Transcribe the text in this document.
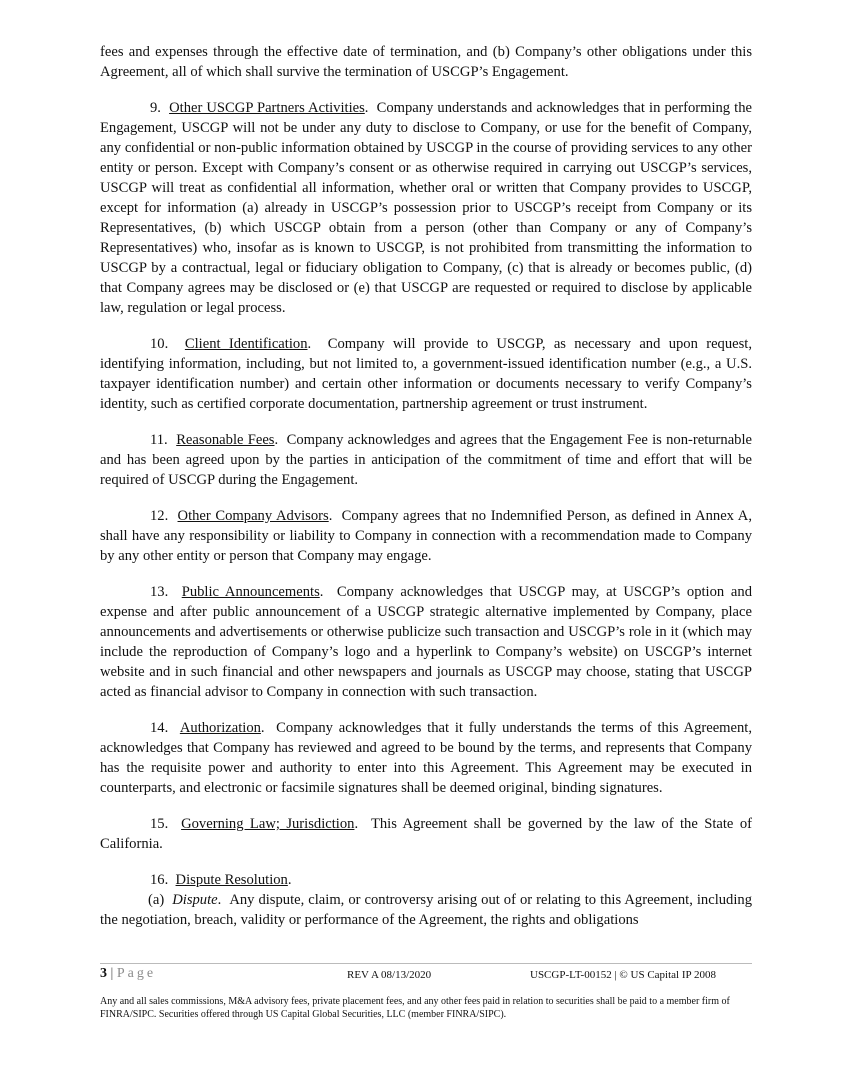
fees and expenses through the effective date of termination, and (b) Company’s other obligations under this Agreement, all of which shall survive the termination of USCGP’s Engagement.

9. Other USCGP Partners Activities.  Company understands and acknowledges that in performing the Engagement, USCGP will not be under any duty to disclose to Company, or use for the benefit of Company, any confidential or non-public information obtained by USCGP in the course of providing services to any other entity or person. Except with Company’s consent or as otherwise required in carrying out USCGP’s services, USCGP will treat as confidential all information, whether oral or written that Company provides to USCGP, except for information (a) already in USCGP’s possession prior to USCGP’s receipt from Company or its Representatives, (b) which USCGP obtain from a person (other than Company or any of Company’s Representatives) who, insofar as is known to USCGP, is not prohibited from transmitting the information to USCGP by a contractual, legal or fiduciary obligation to Company, (c) that is already or becomes public, (d) that Company agrees may be disclosed or (e) that USCGP are requested or required to disclose by applicable law, regulation or legal process.

10. Client Identification.  Company will provide to USCGP, as necessary and upon request, identifying information, including, but not limited to, a government-issued identification number (e.g., a U.S. taxpayer identification number) and certain other information or documents necessary to verify Company’s identity, such as certified corporate documentation, partnership agreement or trust instrument.

11. Reasonable Fees.  Company acknowledges and agrees that the Engagement Fee is non-returnable and has been agreed upon by the parties in anticipation of the commitment of time and effort that will be required of USCGP during the Engagement.

12. Other Company Advisors.  Company agrees that no Indemnified Person, as defined in Annex A, shall have any responsibility or liability to Company in connection with a recommendation made to Company by any other entity or person that Company may engage.

13. Public Announcements.  Company acknowledges that USCGP may, at USCGP’s option and expense and after public announcement of a USCGP strategic alternative implemented by Company, place announcements and advertisements or otherwise publicize such transaction and USCGP’s role in it (which may include the reproduction of Company’s logo and a hyperlink to Company’s website) on USCGP’s internet website and in such financial and other newspapers and journals as USCGP may choose, stating that USCGP acted as financial advisor to Company in connection with such transaction.

14. Authorization.  Company acknowledges that it fully understands the terms of this Agreement, acknowledges that Company has reviewed and agreed to be bound by the terms, and represents that Company has the requisite power and authority to enter into this Agreement. This Agreement may be executed in counterparts, and electronic or facsimile signatures shall be deemed original, binding signatures.

15. Governing Law; Jurisdiction.  This Agreement shall be governed by the law of the State of California.

16. Dispute Resolution.

(a) Dispute.  Any dispute, claim, or controversy arising out of or relating to this Agreement, including the negotiation, breach, validity or performance of the Agreement, the rights and obligations

3 | Page	REV A 08/13/2020	USCGP-LT-00152 | © US Capital IP 2008
Any and all sales commissions, M&A advisory fees, private placement fees, and any other fees paid in relation to securities shall be paid to a member firm of FINRA/SIPC. Securities offered through US Capital Global Securities, LLC (member FINRA/SIPC).
